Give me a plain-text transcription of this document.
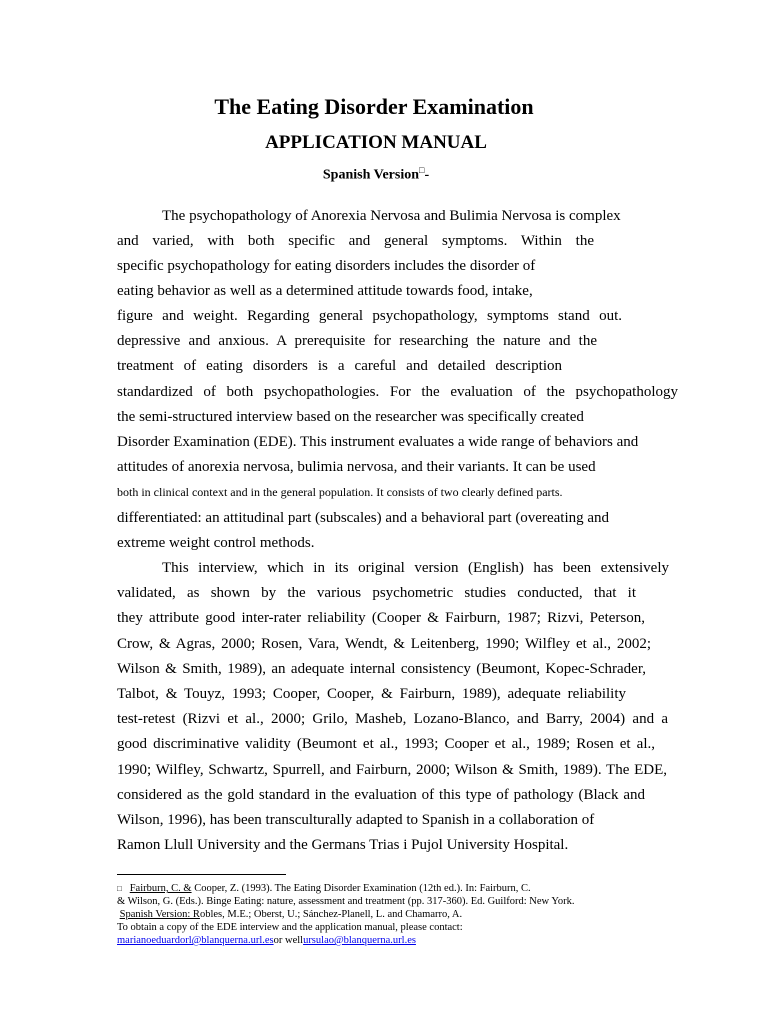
The Eating Disorder Examination
APPLICATION MANUAL
Spanish Version□-
The psychopathology of Anorexia Nervosa and Bulimia Nervosa is complex
and varied, with both specific and general symptoms. Within the
specific psychopathology for eating disorders includes the disorder of
eating behavior as well as a determined attitude towards food, intake,
figure and weight. Regarding general psychopathology, symptoms stand out.
depressive and anxious. A prerequisite for researching the nature and the
treatment of eating disorders is a careful and detailed description
standardized of both psychopathologies. For the evaluation of the psychopathology
the semi-structured interview based on the researcher was specifically created
Disorder Examination (EDE). This instrument evaluates a wide range of behaviors and
attitudes of anorexia nervosa, bulimia nervosa, and their variants. It can be used
both in clinical context and in the general population. It consists of two clearly defined parts.
differentiated: an attitudinal part (subscales) and a behavioral part (overeating and
extreme weight control methods.
This interview, which in its original version (English) has been extensively
validated, as shown by the various psychometric studies conducted, that it
they attribute good inter-rater reliability (Cooper & Fairburn, 1987; Rizvi, Peterson,
Crow, & Agras, 2000; Rosen, Vara, Wendt, & Leitenberg, 1990; Wilfley et al., 2002;
Wilson & Smith, 1989), an adequate internal consistency (Beumont, Kopec-Schrader,
Talbot, & Touyz, 1993; Cooper, Cooper, & Fairburn, 1989), adequate reliability
test-retest (Rizvi et al., 2000; Grilo, Masheb, Lozano-Blanco, and Barry, 2004) and a
good discriminative validity (Beumont et al., 1993; Cooper et al., 1989; Rosen et al.,
1990; Wilfley, Schwartz, Spurrell, and Fairburn, 2000; Wilson & Smith, 1989). The EDE,
considered as the gold standard in the evaluation of this type of pathology (Black and
Wilson, 1996), has been transculturally adapted to Spanish in a collaboration of
Ramon Llull University and the Germans Trias i Pujol University Hospital.
□ Fairburn, C. & Cooper, Z. (1993). The Eating Disorder Examination (12th ed.). In: Fairburn, C.
& Wilson, G. (Eds.). Binge Eating: nature, assessment and treatment (pp. 317-360). Ed. Guilford: New York.
Spanish Version: Robles, M.E.; Oberst, U.; Sánchez-Planell, L. and Chamarro, A.
To obtain a copy of the EDE interview and the application manual, please contact:
marianoeduardorl@blanquerna.url.esor wellursulao@blanquerna.url.es
